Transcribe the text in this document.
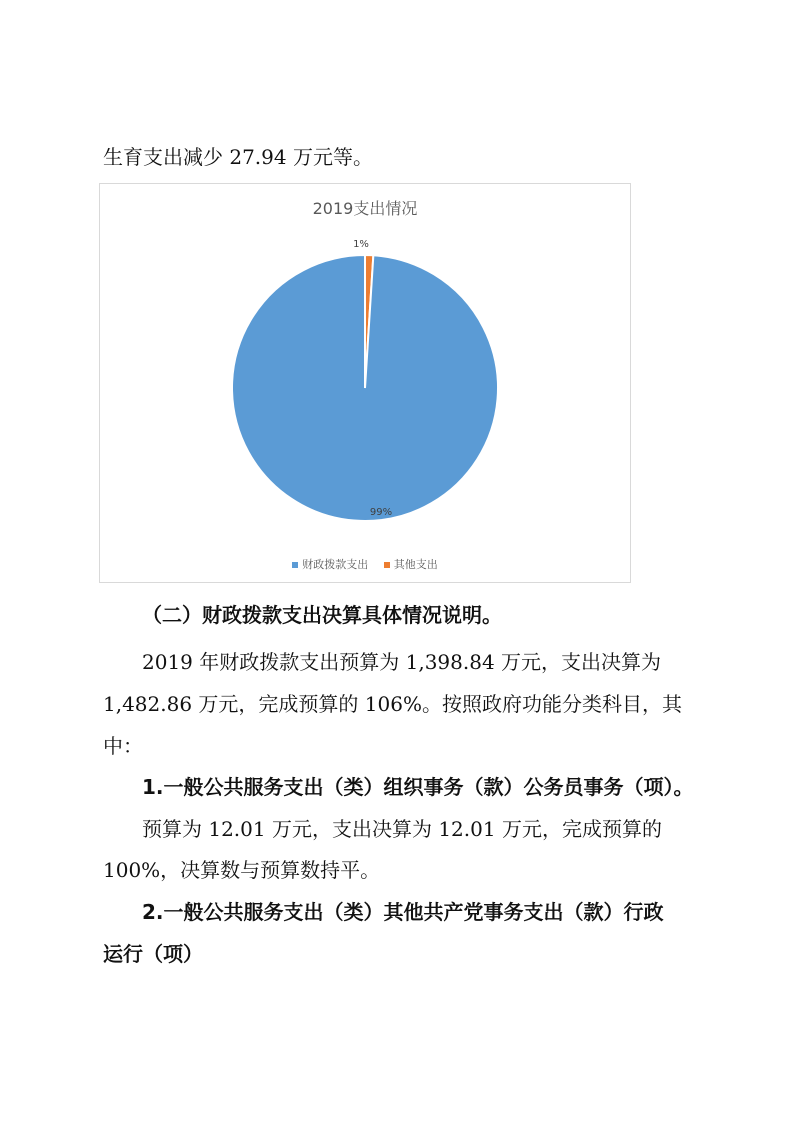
生育支出减少 27.94 万元等。
2019支出情况
99%
1%
财政拨款支出 其他支出
（二）财政拨款支出决算具体情况说明。
2019 年财政拨款支出预算为 1,398.84 万元，支出决算为
1,482.86 万元，完成预算的 106%。按照政府功能分类科目，其
中：
1.一般公共服务支出（类）组织事务（款）公务员事务（项）。
预算为 12.01 万元，支出决算为 12.01 万元，完成预算的
100%，决算数与预算数持平。
2.一般公共服务支出（类）其他共产党事务支出（款）行政
运行（项）
